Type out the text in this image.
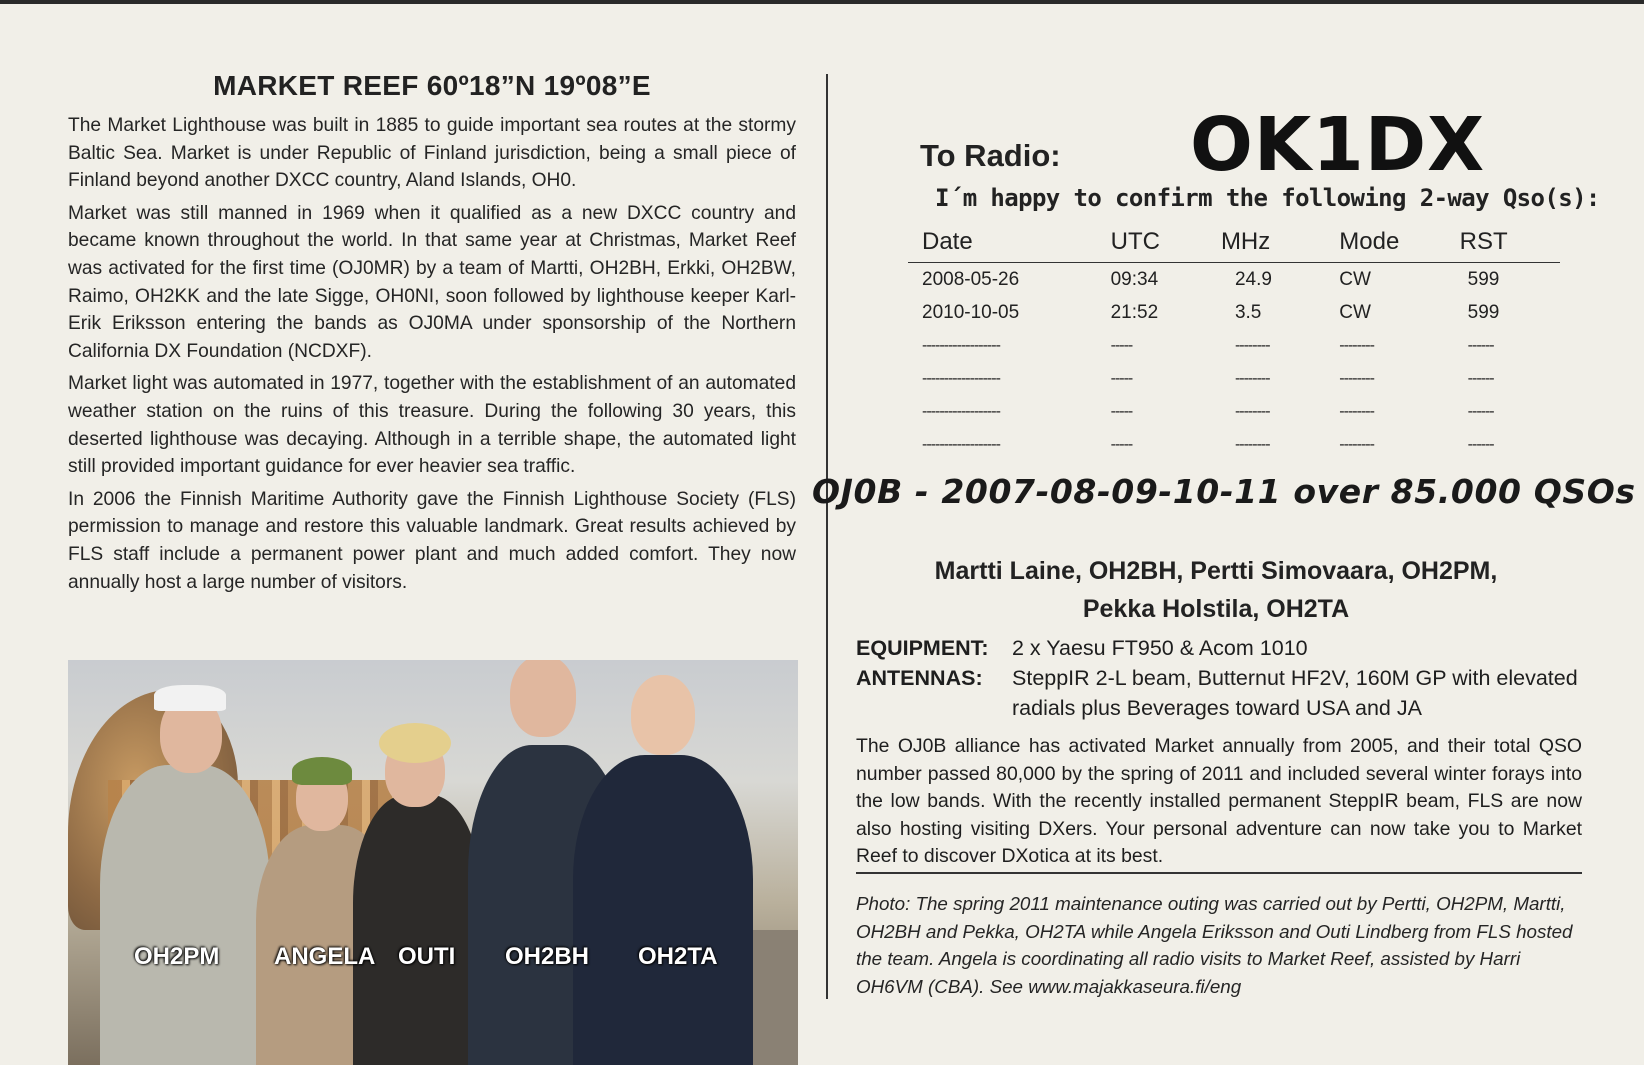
MARKET REEF 60º18”N 19º08”E

The Market Lighthouse was built in 1885 to guide important sea routes at the stormy Baltic Sea. Market is under Republic of Finland jurisdiction, being a small piece of Finland beyond another DXCC country, Aland Islands, OH0.

Market was still manned in 1969 when it qualified as a new DXCC country and became known throughout the world. In that same year at Christmas, Market Reef was activated for the first time (OJ0MR) by a team of Martti, OH2BH, Erkki, OH2BW, Raimo, OH2KK and the late Sigge, OH0NI, soon followed by lighthouse keeper Karl-Erik Eriksson entering the bands as OJ0MA under sponsorship of the Northern California DX Foundation (NCDXF).

Market light was automated in 1977, together with the establishment of an automated weather station on the ruins of this treasure. During the following 30 years, this deserted lighthouse was decaying. Although in a terrible shape, the automated light still provided important guidance for ever heavier sea traffic.

In 2006 the Finnish Maritime Authority gave the Finnish Lighthouse Society (FLS) permission to manage and restore this valuable landmark. Great results achieved by FLS staff include a permanent power plant and much added comfort. They now annually host a large number of visitors.

OH2PM ANGELA OUTI OH2BH OH2TA
To Radio: OK1DX
I´m happy to confirm the following 2-way Qso(s):
Date	UTC	MHz	Mode	RST
2008-05-26	09:34	24.9	CW	599
2010-10-05	21:52	3.5	CW	599
------------------	-----	--------	--------	------
------------------	-----	--------	--------	------
------------------	-----	--------	--------	------
------------------	-----	--------	--------	------
OJ0B - 2007-08-09-10-11 over 85.000 QSOs
Martti Laine, OH2BH, Pertti Simovaara, OH2PM,
Pekka Holstila, OH2TA
EQUIPMENT:	2 x Yaesu FT950 & Acom 1010
ANTENNAS:	SteppIR 2-L beam, Butternut HF2V, 160M GP with elevated radials plus Beverages toward USA and JA
The OJ0B alliance has activated Market annually from 2005, and their total QSO number passed 80,000 by the spring of 2011 and included several winter forays into the low bands. With the recently installed permanent SteppIR beam, FLS are now also hosting visiting DXers. Your personal adventure can now take you to Market Reef to discover DXotica at its best.
Photo: The spring 2011 maintenance outing was carried out by Pertti, OH2PM, Martti, OH2BH and Pekka, OH2TA while Angela Eriksson and Outi Lindberg from FLS hosted the team. Angela is coordinating all radio visits to Market Reef, assisted by Harri OH6VM (CBA). See www.majakkaseura.fi/eng
